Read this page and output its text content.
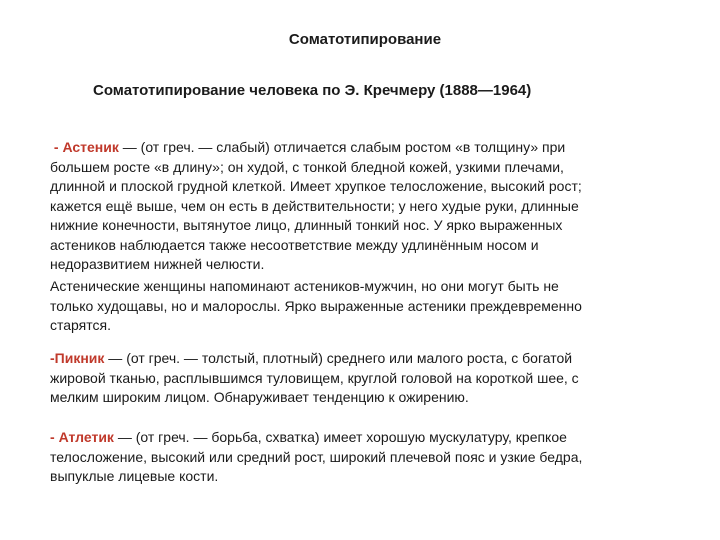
Соматотипирование
Соматотипирование человека по Э. Кречмеру (1888—1964)
- Астеник — (от греч. — слабый) отличается слабым ростом «в толщину» при
большем росте «в длину»; он худой, с тонкой бледной кожей, узкими плечами,
длинной и плоской грудной клеткой. Имеет хрупкое телосложение, высокий рост;
кажется ещё выше, чем он есть в действительности; у него худые руки, длинные
нижние конечности, вытянутое лицо, длинный тонкий нос. У ярко выраженных
астеников наблюдается также несоответствие между удлинённым носом и
недоразвитием нижней челюсти.
Астенические женщины напоминают астеников-мужчин, но они могут быть не
только худощавы, но и малорослы. Ярко выраженные астеники преждевременно
старятся.
-Пикник — (от греч. — толстый, плотный) среднего или малого роста, с богатой
жировой тканью, расплывшимся туловищем, круглой головой на короткой шее, с
мелким широким лицом. Обнаруживает тенденцию к ожирению.
- Атлетик — (от греч. — борьба, схватка) имеет хорошую мускулатуру, крепкое
телосложение, высокий или средний рост, широкий плечевой пояс и узкие бедра,
выпуклые лицевые кости.
